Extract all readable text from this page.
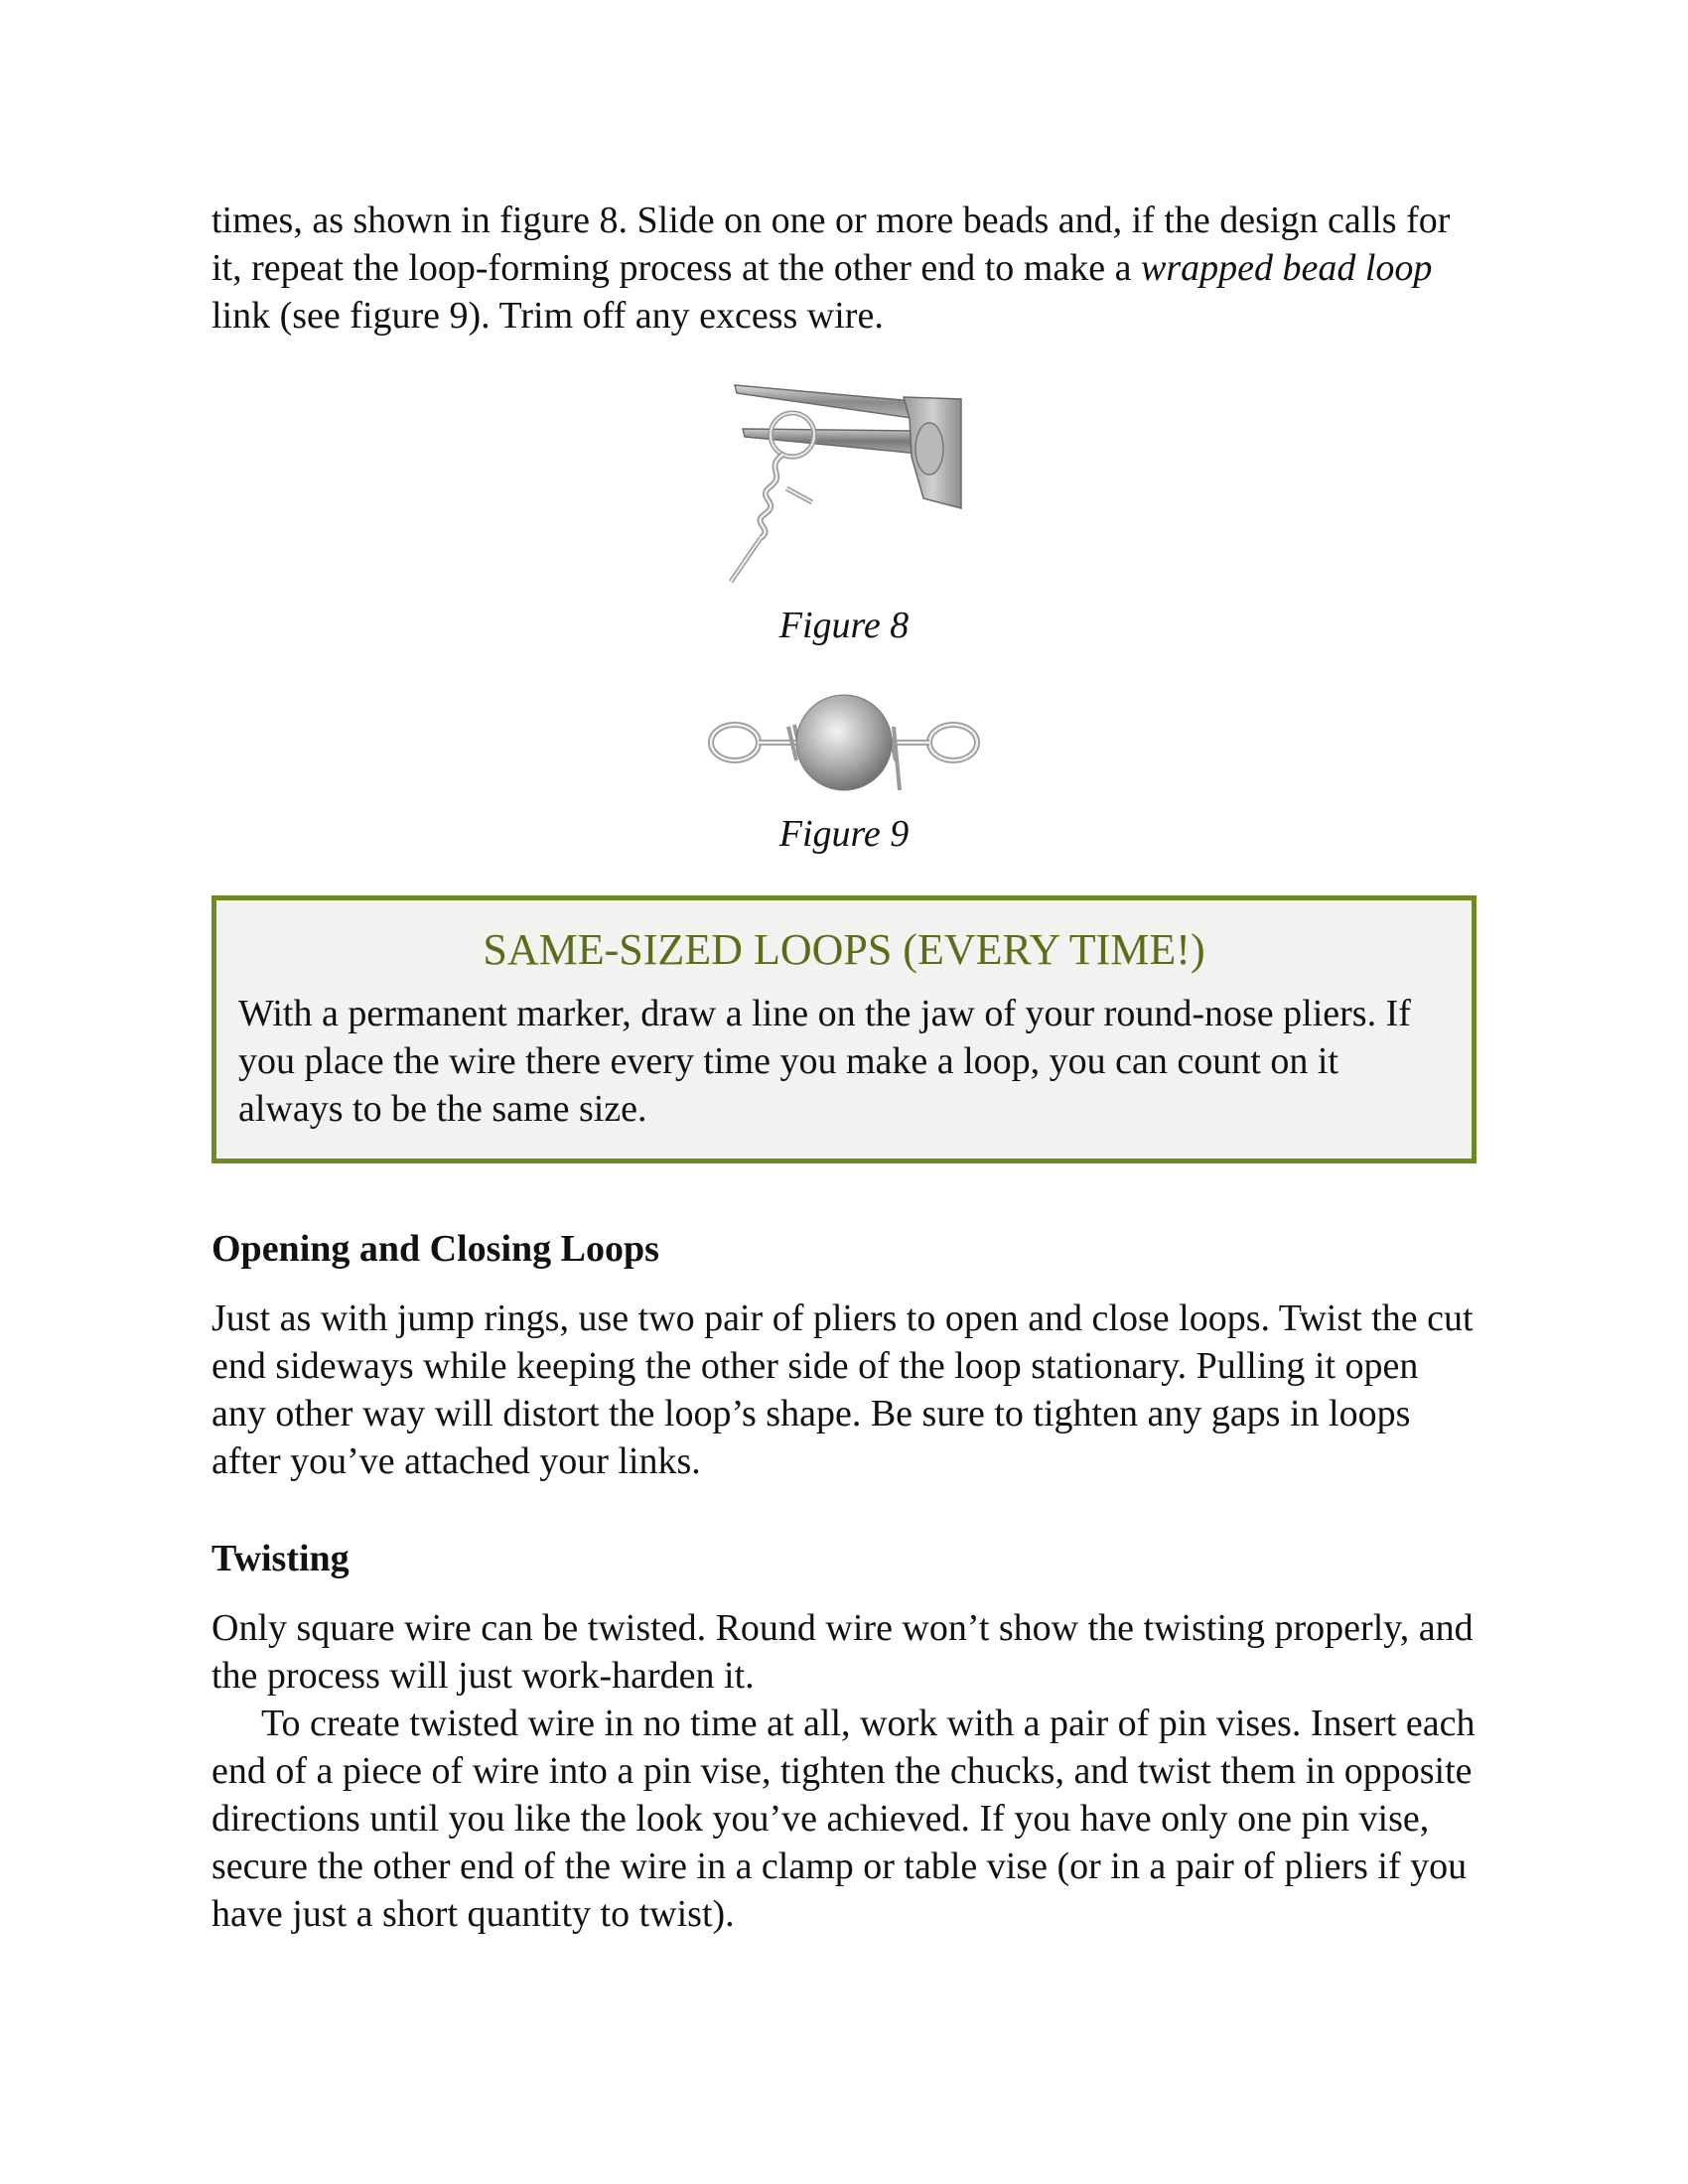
times, as shown in figure 8. Slide on one or more beads and, if the design calls for it, repeat the loop-forming process at the other end to make a wrapped bead loop link (see figure 9). Trim off any excess wire.

Figure 8
Figure 9

SAME-SIZED LOOPS (EVERY TIME!)

With a permanent marker, draw a line on the jaw of your round-nose pliers. If you place the wire there every time you make a loop, you can count on it always to be the same size.

Opening and Closing Loops

Just as with jump rings, use two pair of pliers to open and close loops. Twist the cut end sideways while keeping the other side of the loop stationary. Pulling it open any other way will distort the loop’s shape. Be sure to tighten any gaps in loops after you’ve attached your links.

Twisting

Only square wire can be twisted. Round wire won’t show the twisting properly, and the process will just work-harden it.

To create twisted wire in no time at all, work with a pair of pin vises. Insert each end of a piece of wire into a pin vise, tighten the chucks, and twist them in opposite directions until you like the look you’ve achieved. If you have only one pin vise, secure the other end of the wire in a clamp or table vise (or in a pair of pliers if you have just a short quantity to twist).
